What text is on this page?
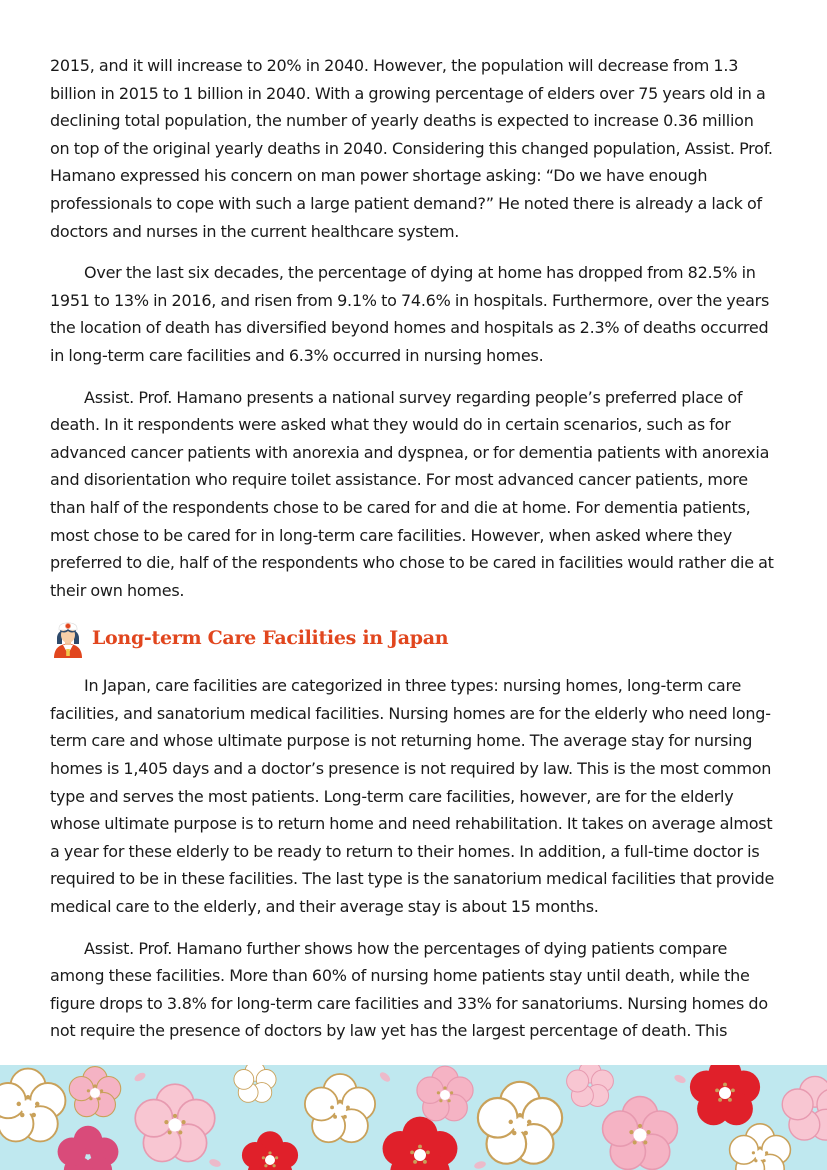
2015, and it will increase to 20% in 2040. However, the population will decrease from 1.3 billion in 2015 to 1 billion in 2040. With a growing percentage of elders over 75 years old in a declining total population, the number of yearly deaths is expected to increase 0.36 million on top of the original yearly deaths in 2040. Considering this changed population, Assist. Prof. Hamano expressed his concern on man power shortage asking: “Do we have enough professionals to cope with such a large patient demand?” He noted there is already a lack of doctors and nurses in the current healthcare system.

Over the last six decades, the percentage of dying at home has dropped from 82.5% in 1951 to 13% in 2016, and risen from 9.1% to 74.6% in hospitals. Furthermore, over the years the location of death has diversified beyond homes and hospitals as 2.3% of deaths occurred in long-term care facilities and 6.3% occurred in nursing homes.

Assist. Prof. Hamano presents a national survey regarding people’s preferred place of death. In it respondents were asked what they would do in certain scenarios, such as for advanced cancer patients with anorexia and dyspnea, or for dementia patients with anorexia and disorientation who require toilet assistance. For most advanced cancer patients, more than half of the respondents chose to be cared for and die at home. For dementia patients, most chose to be cared for in long-term care facilities. However, when asked where they preferred to die, half of the respondents who chose to be cared in facilities would rather die at their own homes.

Long-term Care Facilities in Japan

In Japan, care facilities are categorized in three types: nursing homes, long-term care facilities, and sanatorium medical facilities. Nursing homes are for the elderly who need long-term care and whose ultimate purpose is not returning home. The average stay for nursing homes is 1,405 days and a doctor’s presence is not required by law. This is the most common type and serves the most patients. Long-term care facilities, however, are for the elderly whose ultimate purpose is to return home and need rehabilitation. It takes on average almost a year for these elderly to be ready to return to their homes. In addition, a full-time doctor is required to be in these facilities. The last type is the sanatorium medical facilities that provide medical care to the elderly, and their average stay is about 15 months.

Assist. Prof. Hamano further shows how the percentages of dying patients compare among these facilities. More than 60% of nursing home patients stay until death, while the figure drops to 3.8% for long-term care facilities and 33% for sanatoriums. Nursing homes do not require the presence of doctors by law yet has the largest percentage of death. This
